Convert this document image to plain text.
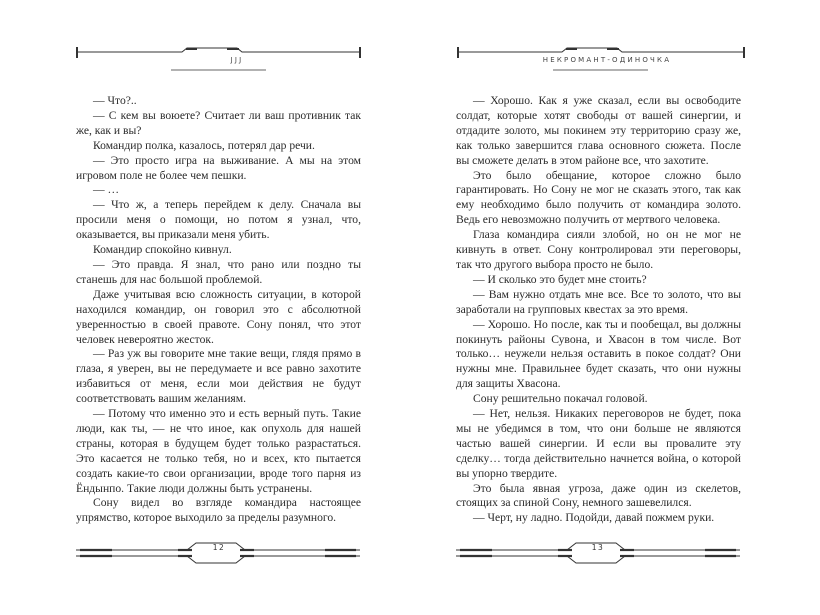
JJJ

— Что?..

— С кем вы воюете? Считает ли ваш противник так же, как и вы?

Командир полка, казалось, потерял дар речи.

— Это просто игра на выживание. А мы на этом игровом поле не более чем пешки.

— …

— Что ж, а теперь перейдем к делу. Сначала вы просили меня о помощи, но потом я узнал, что, оказывается, вы приказали меня убить.

Командир спокойно кивнул.

— Это правда. Я знал, что рано или поздно ты станешь для нас большой проблемой.

Даже учитывая всю сложность ситуации, в которой находился командир, он говорил это с абсолютной уверенностью в своей правоте. Сону понял, что этот человек невероятно жесток.

— Раз уж вы говорите мне такие вещи, глядя прямо в глаза, я уверен, вы не передумаете и все равно захотите избавиться от меня, если мои действия не будут соответствовать вашим желаниям.

— Потому что именно это и есть верный путь. Такие люди, как ты, — не что иное, как опухоль для нашей страны, которая в будущем будет только разрастаться. Это касается не только тебя, но и всех, кто пытается создать какие-то свои организации, вроде того парня из Ёндынпо. Такие люди должны быть устранены.

Сону видел во взгляде командира настоящее упрямство, которое выходило за пределы разумного.

12
НЕКРОМАНТ-ОДИНОЧКА

— Хорошо. Как я уже сказал, если вы освободите солдат, которые хотят свободы от вашей синергии, и отдадите золото, мы покинем эту территорию сразу же, как только завершится глава основного сюжета. После вы сможете делать в этом районе все, что захотите.

Это было обещание, которое сложно было гарантировать. Но Сону не мог не сказать этого, так как ему необходимо было получить от командира золото. Ведь его невозможно получить от мертвого человека.

Глаза командира сияли злобой, но он не мог не кивнуть в ответ. Сону контролировал эти переговоры, так что другого выбора просто не было.

— И сколько это будет мне стоить?

— Вам нужно отдать мне все. Все то золото, что вы заработали на групповых квестах за это время.

— Хорошо. Но после, как ты и пообещал, вы должны покинуть районы Сувона, и Хвасон в том числе. Вот только… неужели нельзя оставить в покое солдат? Они нужны мне. Правильнее будет сказать, что они нужны для защиты Хвасона.

Сону решительно покачал головой.

— Нет, нельзя. Никаких переговоров не будет, пока мы не убедимся в том, что они больше не являются частью вашей синергии. И если вы провалите эту сделку… тогда действительно начнется война, о которой вы упорно твердите.

Это была явная угроза, даже один из скелетов, стоящих за спиной Сону, немного зашевелился.

— Черт, ну ладно. Подойди, давай пожмем руки.

13
